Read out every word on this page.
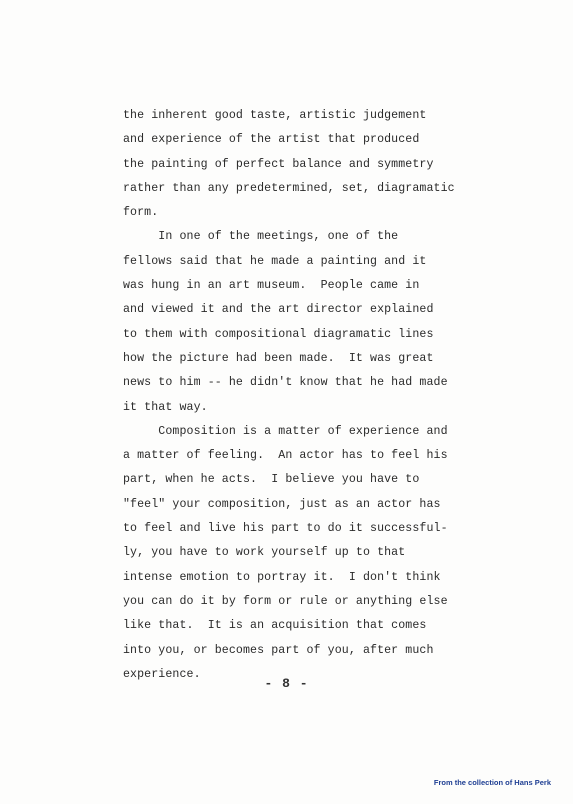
the inherent good taste, artistic judgement
and experience of the artist that produced
the painting of perfect balance and symmetry
rather than any predetermined, set, diagramatic
form.
In one of the meetings, one of the
fellows said that he made a painting and it
was hung in an art museum.  People came in
and viewed it and the art director explained
to them with compositional diagramatic lines
how the picture had been made.  It was great
news to him -- he didn't know that he had made
it that way.
Composition is a matter of experience and
a matter of feeling.  An actor has to feel his
part, when he acts.  I believe you have to
"feel" your composition, just as an actor has
to feel and live his part to do it successful-
ly, you have to work yourself up to that
intense emotion to portray it.  I don't think
you can do it by form or rule or anything else
like that.  It is an acquisition that comes
into you, or becomes part of you, after much
experience.
- 8 -
From the collection of Hans Perk
